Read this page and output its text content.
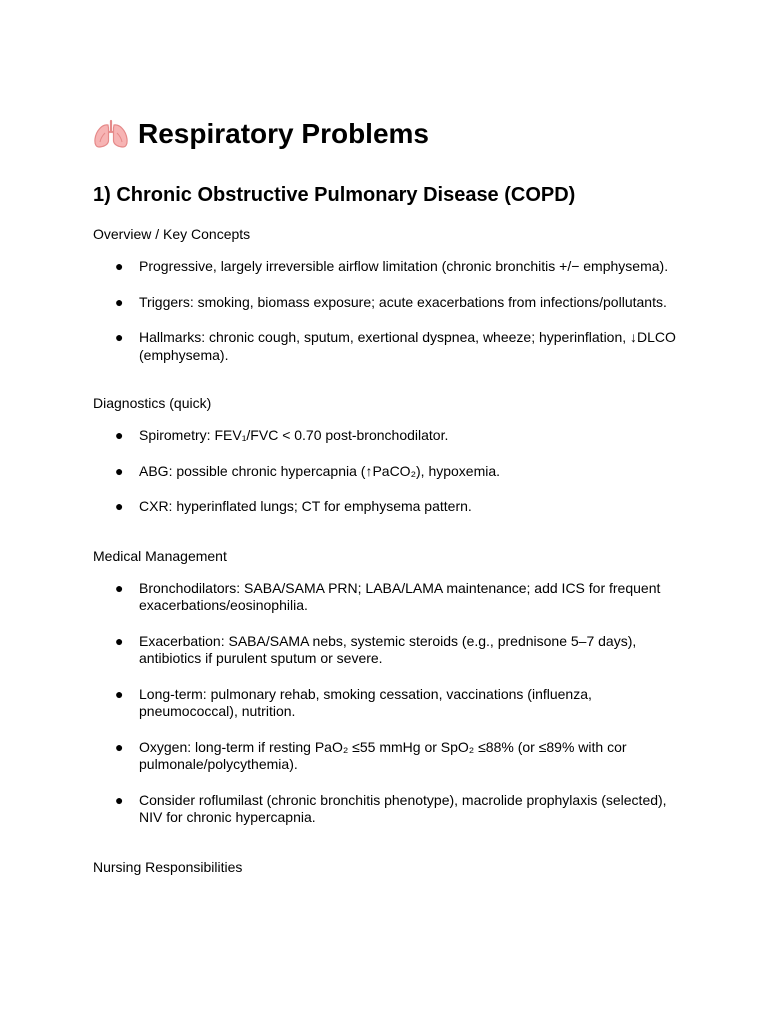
Respiratory Problems
1) Chronic Obstructive Pulmonary Disease (COPD)
Overview / Key Concepts
● Progressive, largely irreversible airflow limitation (chronic bronchitis +/− emphysema).
● Triggers: smoking, biomass exposure; acute exacerbations from infections/pollutants.
● Hallmarks: chronic cough, sputum, exertional dyspnea, wheeze; hyperinflation, ↓DLCO (emphysema).
Diagnostics (quick)
● Spirometry: FEV₁/FVC < 0.70 post-bronchodilator.
● ABG: possible chronic hypercapnia (↑PaCO₂), hypoxemia.
● CXR: hyperinflated lungs; CT for emphysema pattern.
Medical Management
● Bronchodilators: SABA/SAMA PRN; LABA/LAMA maintenance; add ICS for frequent exacerbations/eosinophilia.
● Exacerbation: SABA/SAMA nebs, systemic steroids (e.g., prednisone 5–7 days), antibiotics if purulent sputum or severe.
● Long-term: pulmonary rehab, smoking cessation, vaccinations (influenza, pneumococcal), nutrition.
● Oxygen: long-term if resting PaO₂ ≤55 mmHg or SpO₂ ≤88% (or ≤89% with cor pulmonale/polycythemia).
● Consider roflumilast (chronic bronchitis phenotype), macrolide prophylaxis (selected), NIV for chronic hypercapnia.
Nursing Responsibilities
